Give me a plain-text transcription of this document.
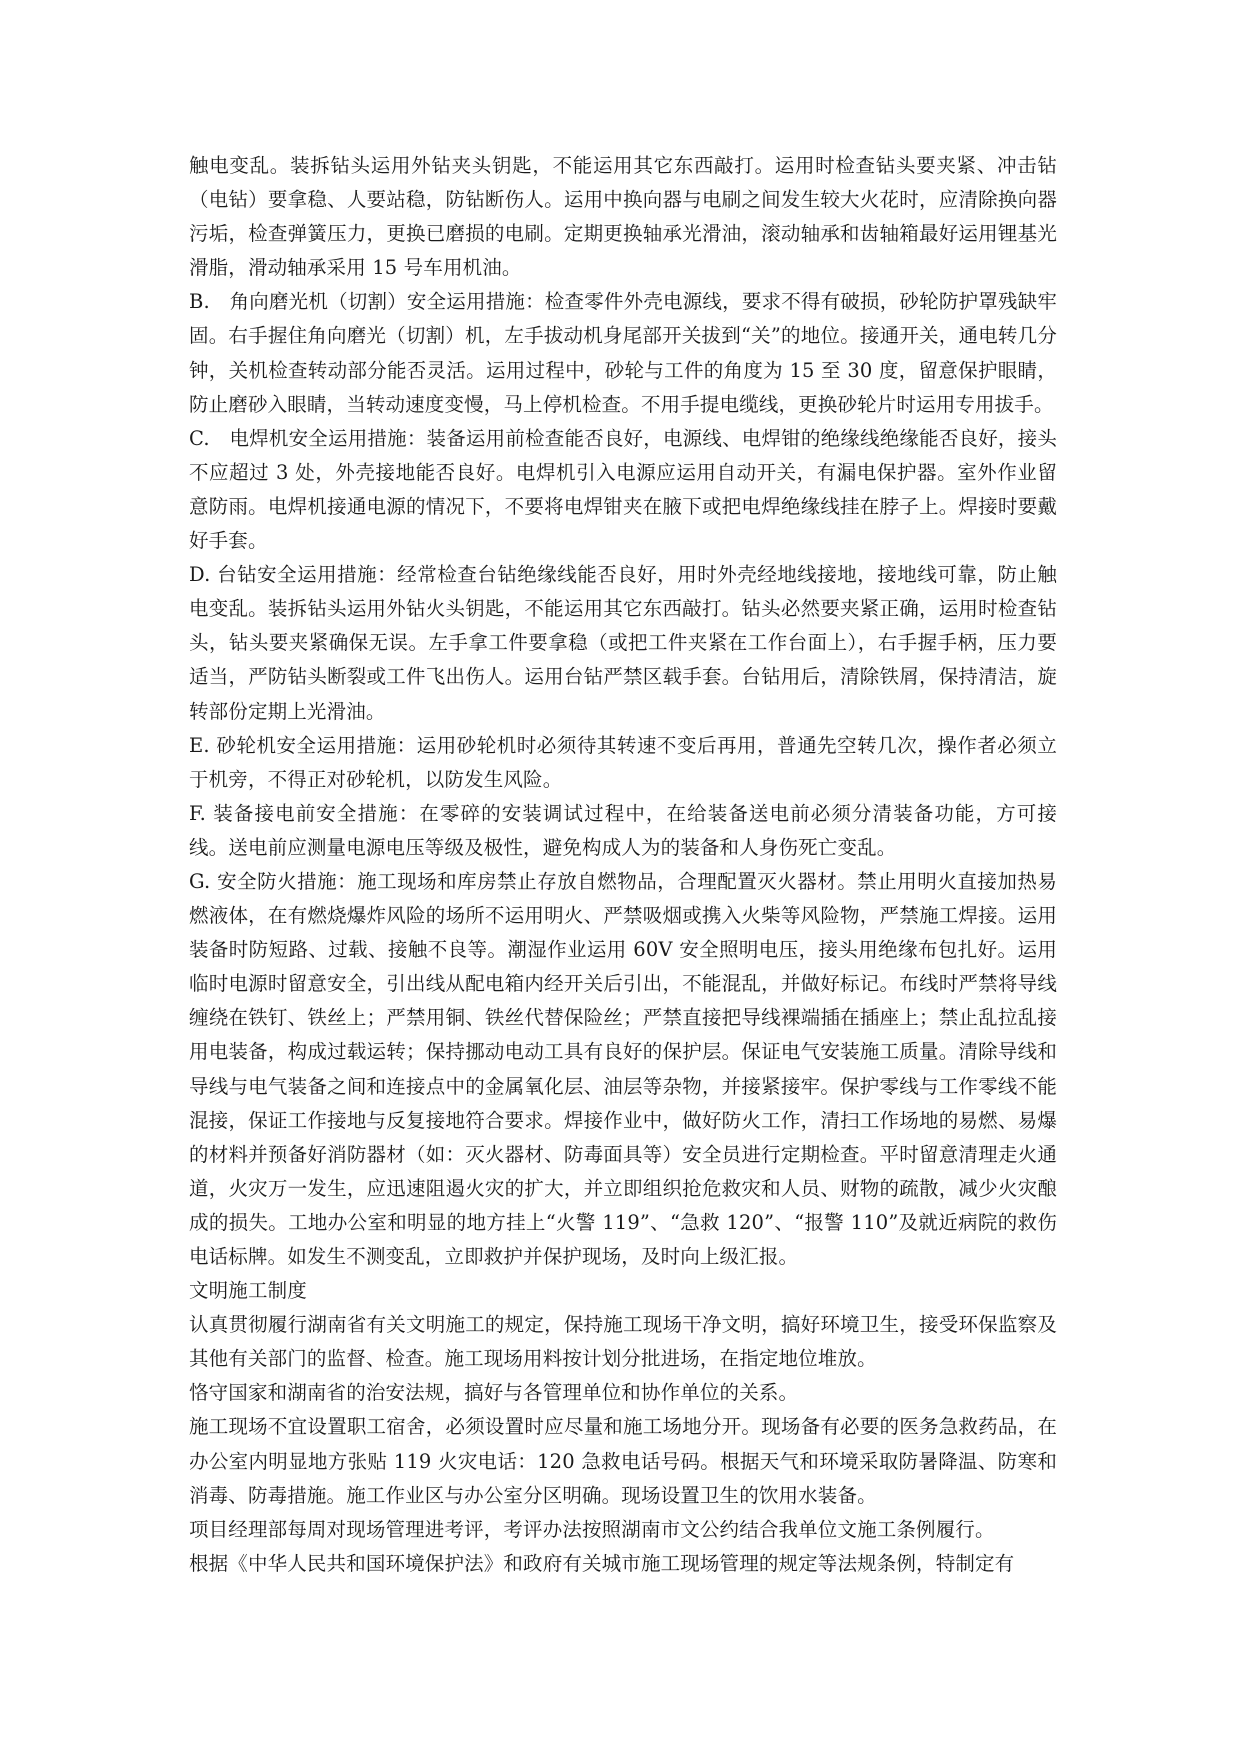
触电变乱。装拆钻头运用外钻夹头钥匙，不能运用其它东西敲打。运用时检查钻头要夹紧、冲击钻（电钻）要拿稳、人要站稳，防钻断伤人。运用中换向器与电刷之间发生较大火花时，应清除换向器污垢，检查弹簧压力，更换已磨损的电刷。定期更换轴承光滑油，滚动轴承和齿轴箱最好运用锂基光滑脂，滑动轴承采用 15 号车用机油。

B.　角向磨光机（切割）安全运用措施：检查零件外壳电源线，要求不得有破损，砂轮防护罩残缺牢固。右手握住角向磨光（切割）机，左手拔动机身尾部开关拔到“关”的地位。接通开关，通电转几分钟，关机检查转动部分能否灵活。运用过程中，砂轮与工件的角度为 15 至 30 度，留意保护眼睛，防止磨砂入眼睛，当转动速度变慢，马上停机检查。不用手提电缆线，更换砂轮片时运用专用拔手。

C.　电焊机安全运用措施：装备运用前检查能否良好，电源线、电焊钳的绝缘线绝缘能否良好，接头不应超过 3 处，外壳接地能否良好。电焊机引入电源应运用自动开关，有漏电保护器。室外作业留意防雨。电焊机接通电源的情况下，不要将电焊钳夹在腋下或把电焊绝缘线挂在脖子上。焊接时要戴好手套。

D. 台钻安全运用措施：经常检查台钻绝缘线能否良好，用时外壳经地线接地，接地线可靠，防止触电变乱。装拆钻头运用外钻火头钥匙，不能运用其它东西敲打。钻头必然要夹紧正确，运用时检查钻头，钻头要夹紧确保无误。左手拿工件要拿稳（或把工件夹紧在工作台面上），右手握手柄，压力要适当，严防钻头断裂或工件飞出伤人。运用台钻严禁区载手套。台钻用后，清除铁屑，保持清洁，旋转部份定期上光滑油。

E. 砂轮机安全运用措施：运用砂轮机时必须待其转速不变后再用，普通先空转几次，操作者必须立于机旁，不得正对砂轮机，以防发生风险。

F. 装备接电前安全措施：在零碎的安装调试过程中，在给装备送电前必须分清装备功能，方可接线。送电前应测量电源电压等级及极性，避免构成人为的装备和人身伤死亡变乱。

G. 安全防火措施：施工现场和库房禁止存放自燃物品，合理配置灭火器材。禁止用明火直接加热易燃液体，在有燃烧爆炸风险的场所不运用明火、严禁吸烟或携入火柴等风险物，严禁施工焊接。运用装备时防短路、过载、接触不良等。潮湿作业运用 60V 安全照明电压，接头用绝缘布包扎好。运用临时电源时留意安全，引出线从配电箱内经开关后引出，不能混乱，并做好标记。布线时严禁将导线缠绕在铁钉、铁丝上；严禁用铜、铁丝代替保险丝；严禁直接把导线裸端插在插座上；禁止乱拉乱接用电装备，构成过载运转；保持挪动电动工具有良好的保护层。保证电气安装施工质量。清除导线和导线与电气装备之间和连接点中的金属氧化层、油层等杂物，并接紧接牢。保护零线与工作零线不能混接，保证工作接地与反复接地符合要求。焊接作业中，做好防火工作，清扫工作场地的易燃、易爆的材料并预备好消防器材（如：灭火器材、防毒面具等）安全员进行定期检查。平时留意清理走火通道，火灾万一发生，应迅速阻遏火灾的扩大，并立即组织抢危救灾和人员、财物的疏散，减少火灾酿成的损失。工地办公室和明显的地方挂上“火警 119”、“急救 120”、“报警 110”及就近病院的救伤电话标牌。如发生不测变乱，立即救护并保护现场，及时向上级汇报。

文明施工制度

认真贯彻履行湖南省有关文明施工的规定，保持施工现场干净文明，搞好环境卫生，接受环保监察及其他有关部门的监督、检查。施工现场用料按计划分批进场，在指定地位堆放。

恪守国家和湖南省的治安法规，搞好与各管理单位和协作单位的关系。

施工现场不宜设置职工宿舍，必须设置时应尽量和施工场地分开。现场备有必要的医务急救药品，在办公室内明显地方张贴 119 火灾电话：120 急救电话号码。根据天气和环境采取防暑降温、防寒和消毒、防毒措施。施工作业区与办公室分区明确。现场设置卫生的饮用水装备。

项目经理部每周对现场管理进考评，考评办法按照湖南市文公约结合我单位文施工条例履行。

根据《中华人民共和国环境保护法》和政府有关城市施工现场管理的规定等法规条例，特制定有
